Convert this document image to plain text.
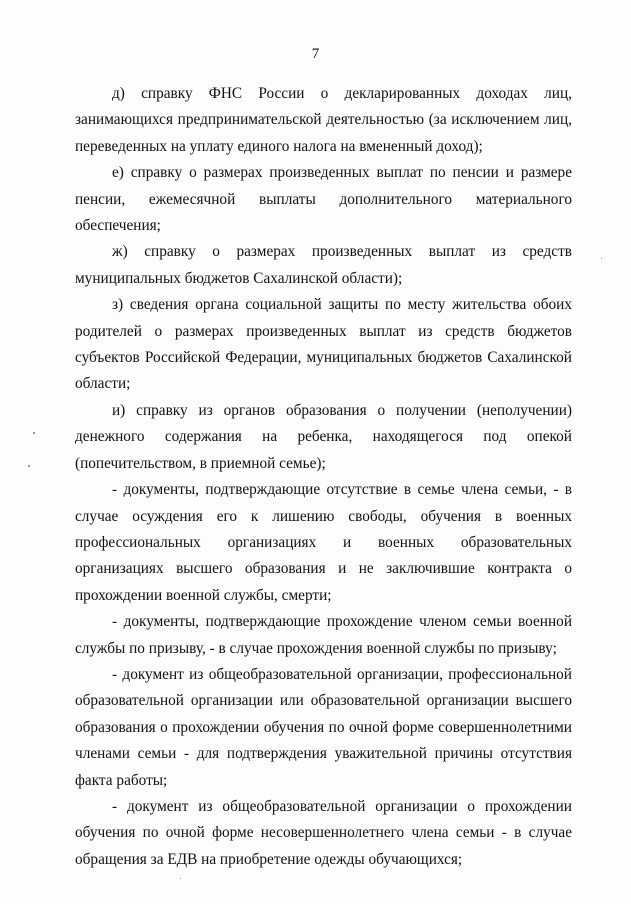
7

д) справку ФНС России о декларированных доходах лиц, занимающихся предпринимательской деятельностью (за исключением лиц, переведенных на уплату единого налога на вмененный доход);

е) справку о размерах произведенных выплат по пенсии и размере пенсии, ежемесячной выплаты дополнительного материального обеспечения;

ж) справку о размерах произведенных выплат из средств муниципальных бюджетов Сахалинской области);

з) сведения органа социальной защиты по месту жительства обоих родителей о размерах произведенных выплат из средств бюджетов субъектов Российской Федерации, муниципальных бюджетов Сахалинской области;

и) справку из органов образования о получении (неполучении) денежного содержания на ребенка, находящегося под опекой (попечительством, в приемной семье);

- документы, подтверждающие отсутствие в семье члена семьи, - в случае осуждения его к лишению свободы, обучения в военных профессиональных организациях и военных образовательных организациях высшего образования и не заключившие контракта о прохождении военной службы, смерти;

- документы, подтверждающие прохождение членом семьи военной службы по призыву, - в случае прохождения военной службы по призыву;

- документ из общеобразовательной организации, профессиональной образовательной организации или образовательной организации высшего образования о прохождении обучения по очной форме совершеннолетними членами семьи - для подтверждения уважительной причины отсутствия факта работы;

- документ из общеобразовательной организации о прохождении обучения по очной форме несовершеннолетнего члена семьи - в случае обращения за ЕДВ на приобретение одежды обучающихся;
